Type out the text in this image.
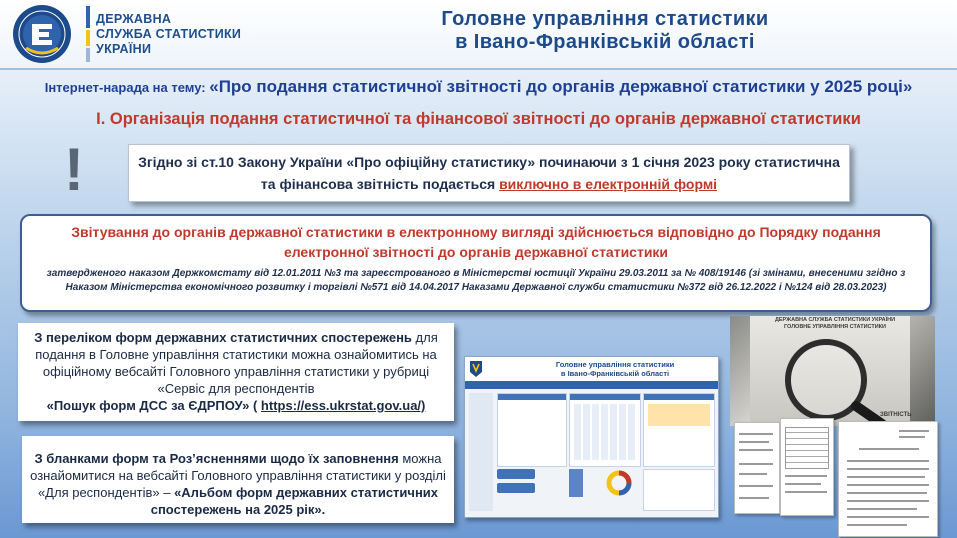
ДЕРЖАВНА
СЛУЖБА СТАТИСТИКИ
УКРАЇНИ
Головне управління статистики
в Івано-Франківській області
Інтернет-нарада на тему: «Про подання статистичної звітності до органів державної статистики у 2025 році»
І. Організація подання статистичної та фінансової звітності до органів державної статистики
!	Згідно зі ст.10 Закону України «Про офіційну статистику» починаючи з 1 січня 2023 року статистична та фінансова звітність подається виключно в електронній формі
Звітування до органів державної статистики в електронному вигляді здійснюється відповідно до Порядку подання електронної звітності до органів державної статистики
затвердженого наказом Держкомстату від 12.01.2011 №3 та зареєстрованого в Міністерстві юстиції України 29.03.2011 за № 408/19146 (зі змінами, внесеними згідно з Наказом Міністерства економічного розвитку і торгівлі №571 від 14.04.2017 Наказами Державної служби статистики №372 від 26.12.2022 і №124 від 28.03.2023)
З переліком форм державних статистичних спостережень для подання в Головне управління статистики можна ознайомитись на офіційному вебсайті Головного управління статистики у рубриці «Сервіс для респондентів
«Пошук форм ДСС за ЄДРПОУ» ( https://ess.ukrstat.gov.ua/)
З бланками форм та Роз’ясненнями щодо їх заповнення можна ознайомитися на вебсайті Головного управління статистики у розділі «Для респондентів» – «Альбом форм державних статистичних спостережень на 2025 рік».
Головне управління статистики
в Івано-Франківській області
ДЕРЖАВНА СЛУЖБА СТАТИСТИКИ УКРАЇНИ
ГОЛОВНЕ УПРАВЛІННЯ СТАТИСТИКИ
ЗВІТНІСТЬ
